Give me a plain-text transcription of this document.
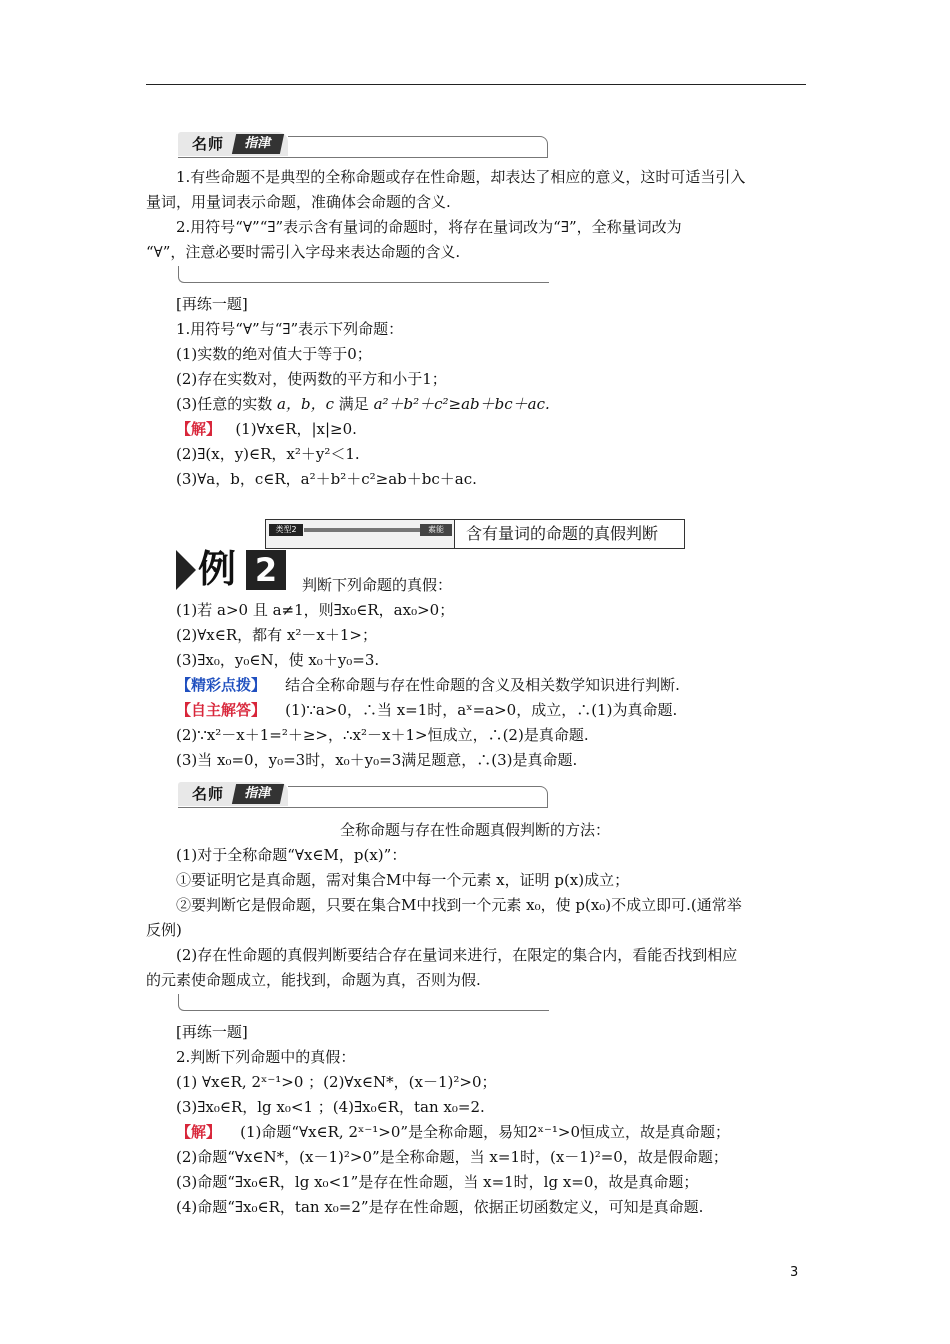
名师	指津
1.有些命题不是典型的全称命题或存在性命题，却表达了相应的意义，这时可适当引入
量词，用量词表示命题，准确体会命题的含义.
2.用符号“∀”“∃”表示含有量词的命题时，将存在量词改为“∃”，全称量词改为
“∀”，注意必要时需引入字母来表达命题的含义.
[再练一题]
1.用符号“∀”与“∃”表示下列命题：
(1)实数的绝对值大于等于0；
(2)存在实数对，使两数的平方和小于1；
(3)任意的实数 a，b，c 满足 a²＋b²＋c²≥ab＋bc＋ac.
【解】 (1)∀x∈R，|x|≥0.
(2)∃(x，y)∈R，x²＋y²＜1.
(3)∀a，b，c∈R，a²＋b²＋c²≥ab＋bc＋ac.
类型2	素能	含有量词的命题的真假判断
例 2	判断下列命题的真假：
(1)若 a>0 且 a≠1，则∃x₀∈R，ax₀>0；
(2)∀x∈R，都有 x²－x＋1>；
(3)∃x₀，y₀∈N，使 x₀＋y₀=3.
【精彩点拨】 结合全称命题与存在性命题的含义及相关数学知识进行判断.
【自主解答】 (1)∵a>0，∴当 x=1时，aˣ=a>0，成立，∴(1)为真命题.
(2)∵x²－x＋1=²＋≥>，∴x²－x＋1>恒成立，∴(2)是真命题.
(3)当 x₀=0，y₀=3时，x₀＋y₀=3满足题意，∴(3)是真命题.
名师	指津
全称命题与存在性命题真假判断的方法：
(1)对于全称命题“∀x∈M，p(x)”：
①要证明它是真命题，需对集合M中每一个元素 x，证明 p(x)成立；
②要判断它是假命题，只要在集合M中找到一个元素 x₀，使 p(x₀)不成立即可.(通常举
反例)
(2)存在性命题的真假判断要结合存在量词来进行，在限定的集合内，看能否找到相应
的元素使命题成立，能找到，命题为真，否则为假.
[再练一题]
2.判断下列命题中的真假：
(1) ∀x∈R, 2ˣ⁻¹>0 ；(2)∀x∈N*，(x－1)²>0；
(3)∃x₀∈R，lg x₀<1 ；(4)∃x₀∈R，tan x₀=2.
【解】 (1)命题“∀x∈R, 2ˣ⁻¹>0”是全称命题，易知2ˣ⁻¹>0恒成立，故是真命题；
(2)命题“∀x∈N*，(x－1)²>0”是全称命题，当 x=1时，(x－1)²=0，故是假命题；
(3)命题“∃x₀∈R，lg x₀<1”是存在性命题，当 x=1时，lg x=0，故是真命题；
(4)命题“∃x₀∈R，tan x₀=2”是存在性命题，依据正切函数定义，可知是真命题.
3
